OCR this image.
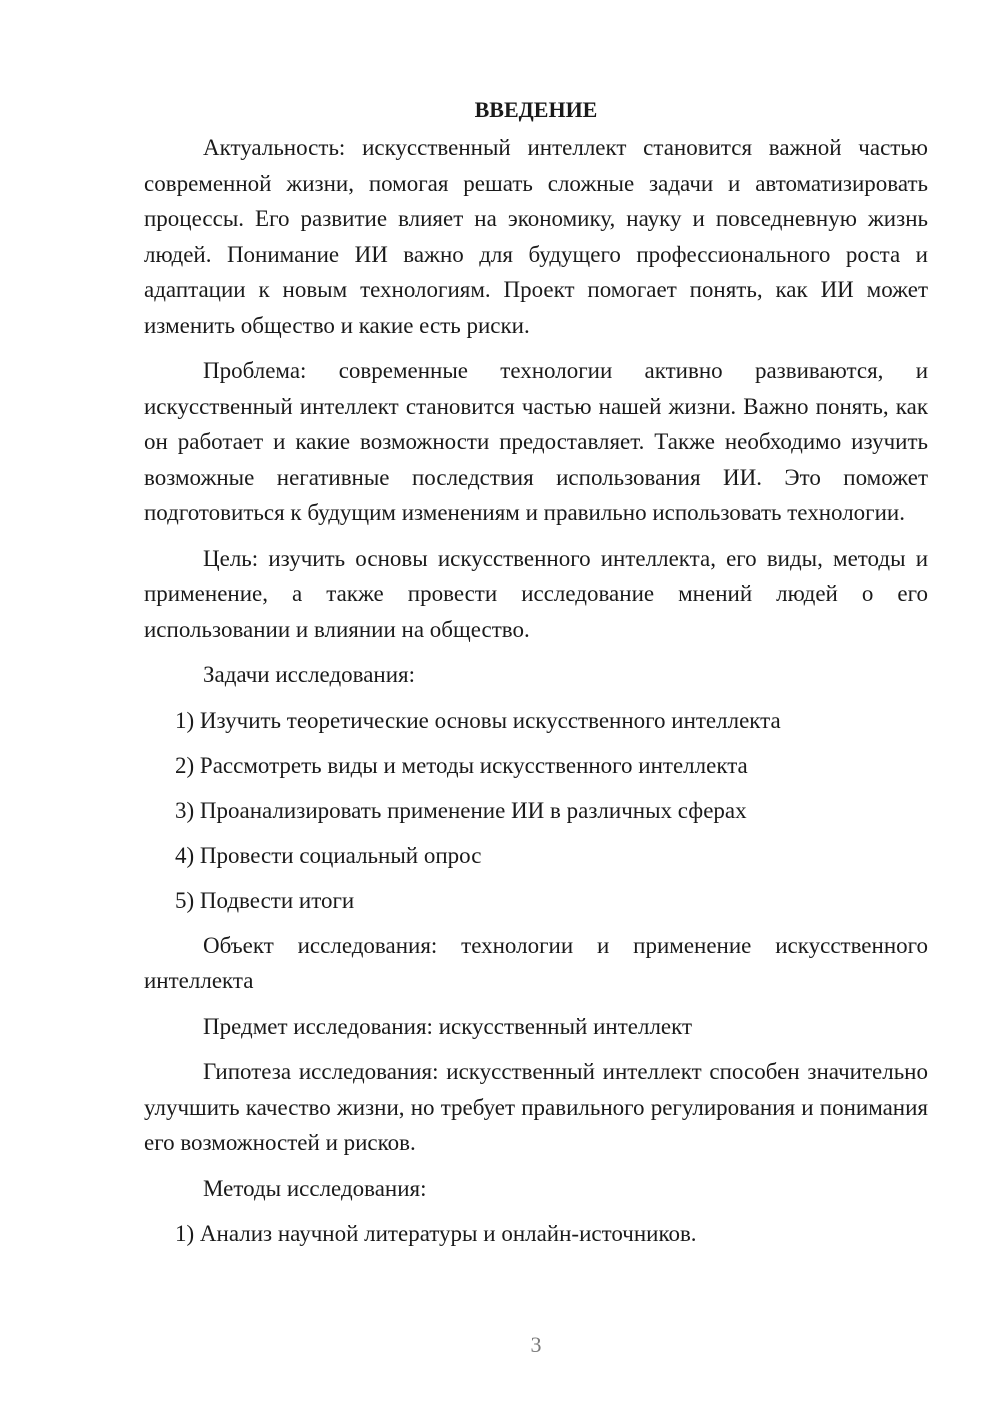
ВВЕДЕНИЕ

Актуальность: искусственный интеллект становится важной частью современной жизни, помогая решать сложные задачи и автоматизировать процессы. Его развитие влияет на экономику, науку и повседневную жизнь людей. Понимание ИИ важно для будущего профессионального роста и адаптации к новым технологиям. Проект помогает понять, как ИИ может изменить общество и какие есть риски.

Проблема: современные технологии активно развиваются, и искусственный интеллект становится частью нашей жизни. Важно понять, как он работает и какие возможности предоставляет. Также необходимо изучить возможные негативные последствия использования ИИ. Это поможет подготовиться к будущим изменениям и правильно использовать технологии.

Цель: изучить основы искусственного интеллекта, его виды, методы и применение, а также провести исследование мнений людей о его использовании и влиянии на общество.

Задачи исследования:

1) Изучить теоретические основы искусственного интеллекта

2) Рассмотреть виды и методы искусственного интеллекта

3) Проанализировать применение ИИ в различных сферах

4) Провести социальный опрос

5) Подвести итоги

Объект исследования: технологии и применение искусственного интеллекта

Предмет исследования: искусственный интеллект

Гипотеза исследования: искусственный интеллект способен значительно улучшить качество жизни, но требует правильного регулирования и понимания его возможностей и рисков.

Методы исследования:

1) Анализ научной литературы и онлайн-источников.

3
